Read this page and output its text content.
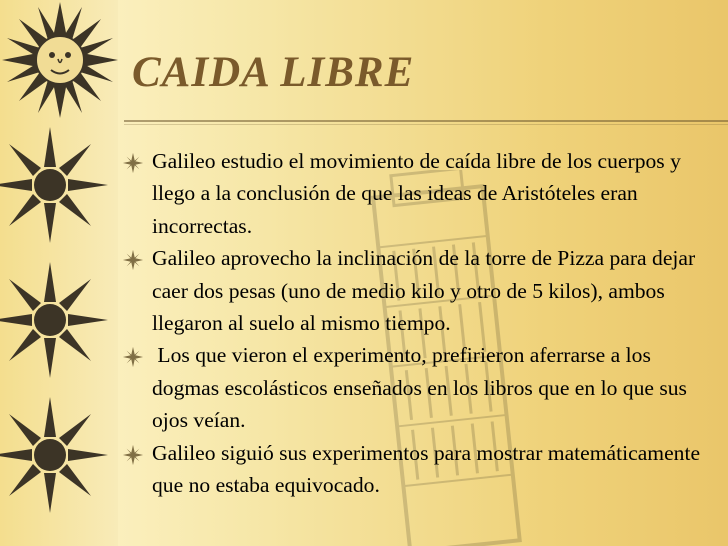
CAIDA LIBRE
Galileo estudio el movimiento de caída libre de los cuerpos y llego a la conclusión de que las ideas de Aristóteles eran incorrectas.
Galileo aprovecho la inclinación de la torre de Pizza para dejar caer dos pesas (uno de medio kilo y otro de 5 kilos), ambos llegaron al suelo al mismo tiempo.
Los que vieron el experimento, prefirieron aferrarse a los dogmas escolásticos enseñados en los libros que en lo que sus ojos veían.
Galileo siguió sus experimentos para mostrar matemáticamente que no estaba equivocado.
